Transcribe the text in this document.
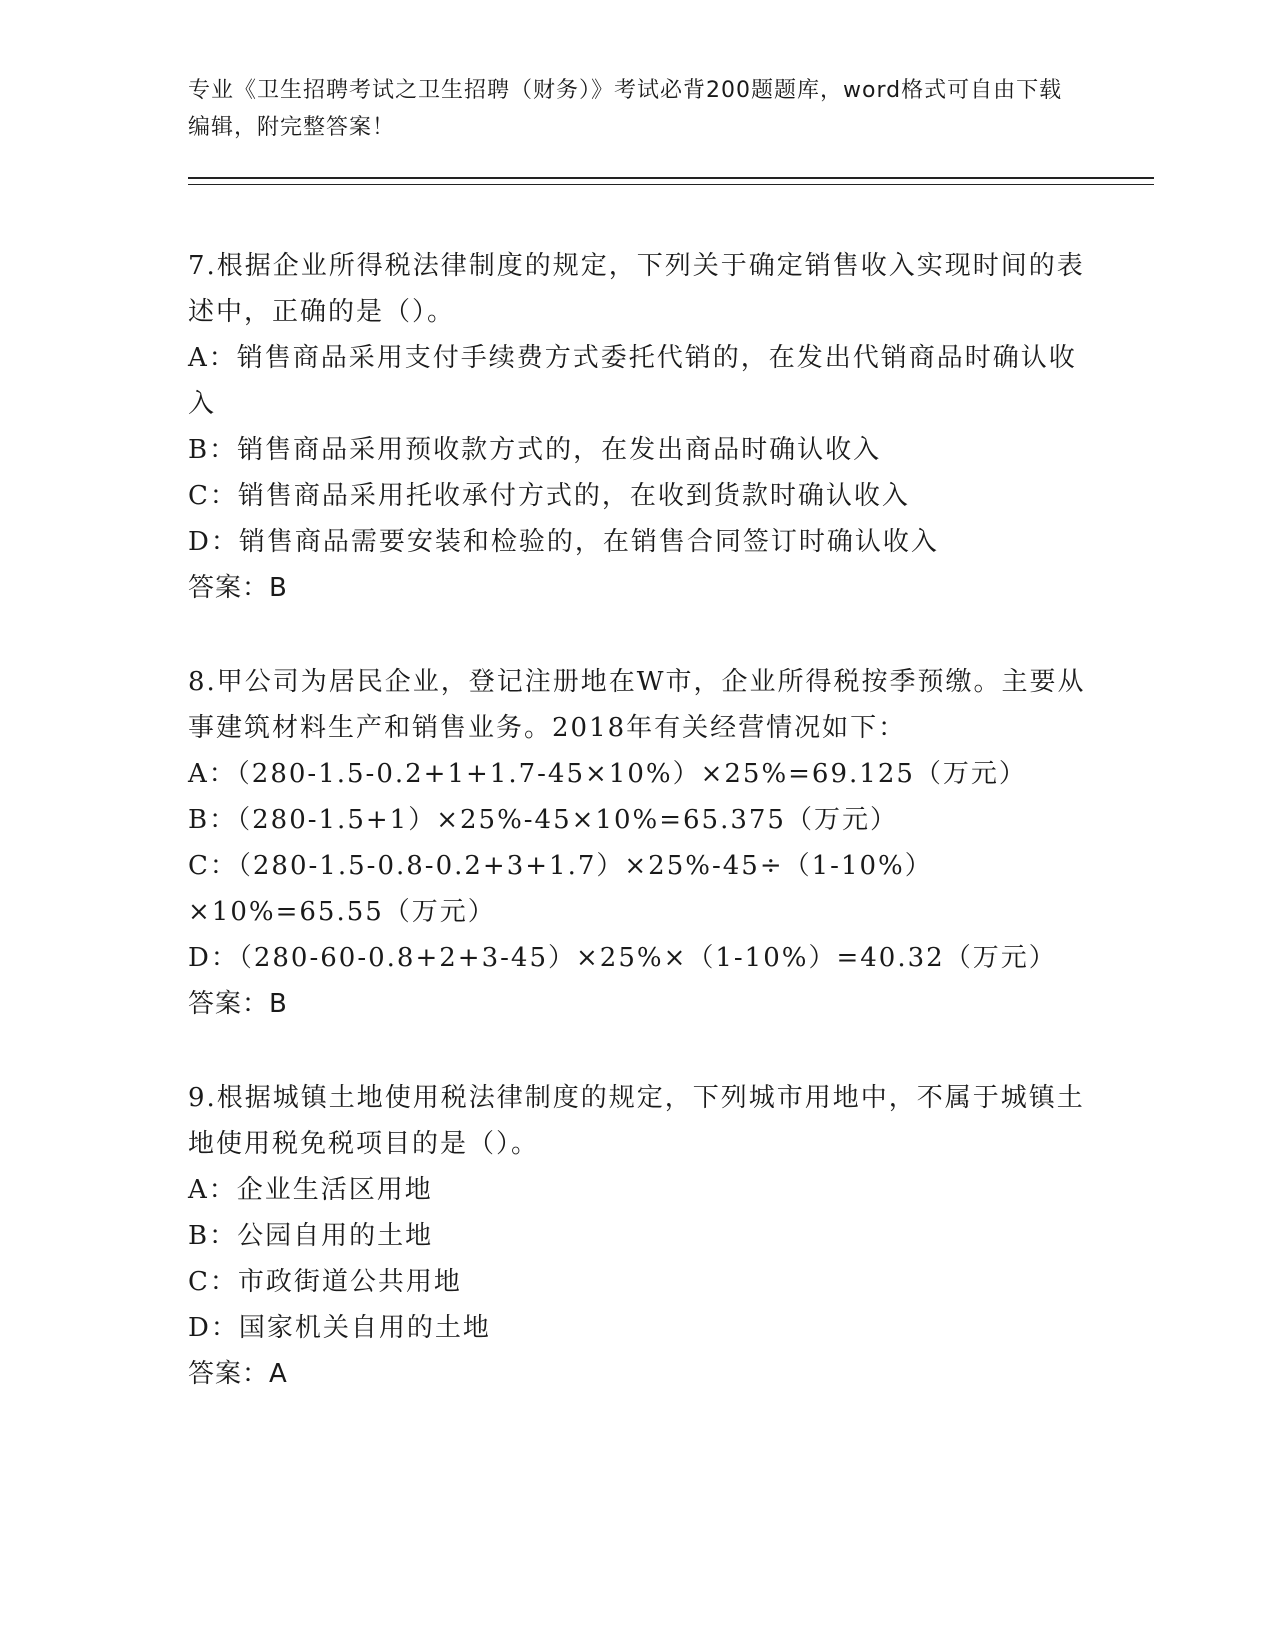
专业《卫生招聘考试之卫生招聘（财务）》考试必背200题题库，word格式可自由下载编辑，附完整答案！

7.根据企业所得税法律制度的规定，下列关于确定销售收入实现时间的表述中，正确的是（）。

A：销售商品采用支付手续费方式委托代销的，在发出代销商品时确认收入

B：销售商品采用预收款方式的，在发出商品时确认收入

C：销售商品采用托收承付方式的，在收到货款时确认收入

D：销售商品需要安装和检验的，在销售合同签订时确认收入

答案：B

8.甲公司为居民企业，登记注册地在W市，企业所得税按季预缴。主要从事建筑材料生产和销售业务。2018年有关经营情况如下：

A：（280-1.5-0.2+1+1.7-45×10%）×25%=69.125（万元）

B：（280-1.5+1）×25%-45×10%=65.375（万元）

C：（280-1.5-0.8-0.2+3+1.7）×25%-45÷（1-10%）×10%=65.55（万元）

D：（280-60-0.8+2+3-45）×25%×（1-10%）=40.32（万元）

答案：B

9.根据城镇土地使用税法律制度的规定，下列城市用地中，不属于城镇土地使用税免税项目的是（）。

A：企业生活区用地

B：公园自用的土地

C：市政街道公共用地

D：国家机关自用的土地

答案：A
